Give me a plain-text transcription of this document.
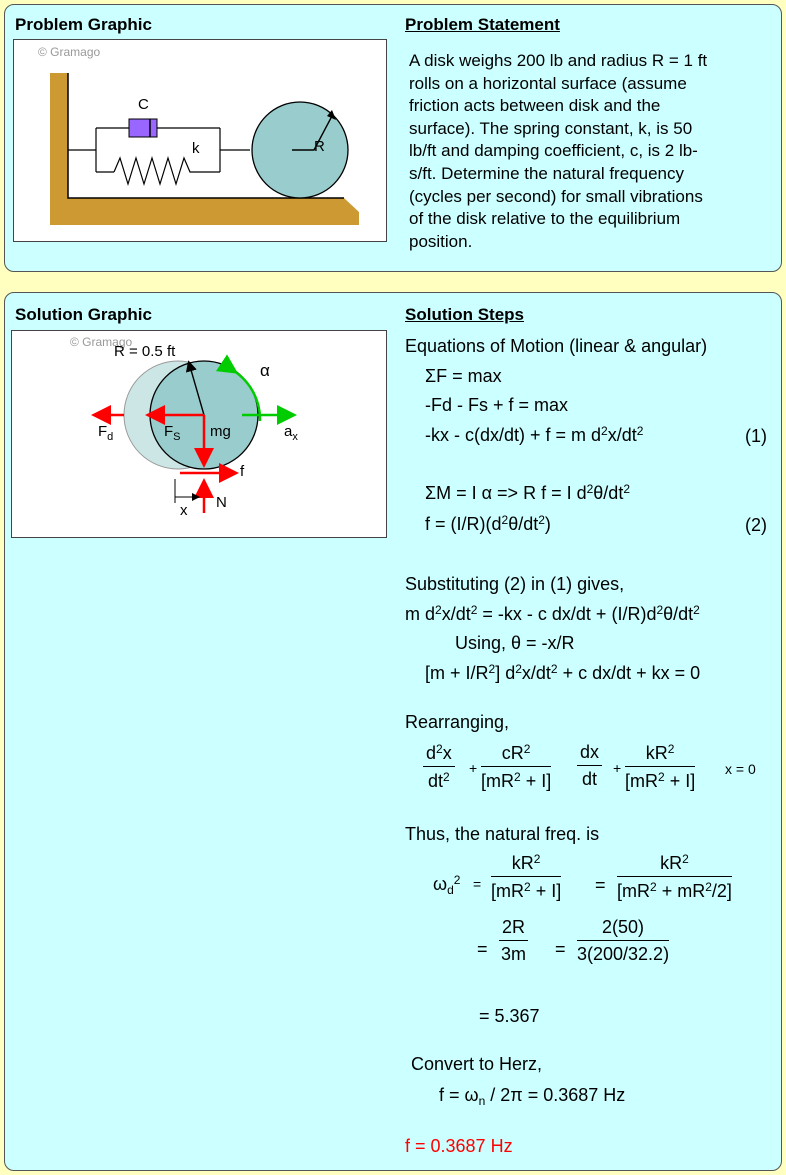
Problem Graphic	Problem Statement
© Gramago
C
k	R
A disk weighs 200 lb and radius R = 1 ft
rolls on a horizontal surface (assume
friction acts between disk and the
surface). The spring constant, k, is 50
lb/ft and damping coefficient, c, is 2 lb-
s/ft. Determine the natural frequency
(cycles per second) for small vibrations
of the disk relative to the equilibrium
position.
Solution Graphic	Solution Steps
© Gramago
R = 0.5 ft
α
$F_d$	$F_S$ mg	$a_x$
f
N
x
Equations of Motion (linear & angular)
ΣF = max
-Fd - Fs + f = max
-kx - c(dx/dt) + f = m $d^2x/dt^2$	(1)
ΣM = I α => R f = I $d^2\theta/dt^2$
$f = (I/R)(d^2\theta/dt^2)$	(2)
Substituting (2) in (1) gives,
m $d^2x/dt^2 = -kx - c$ $dx/dt + (I/R)d^2\theta/dt^2$
Using, θ = -x/R
$[m + I/R^2]$ $d^2x/dt^2 + c$ dx/dt + kx = 0
Rearranging,
$\frac{d^2x}{dt^2} + \frac{cR^2}{[mR^2 + I]} \frac{dx}{dt} + \frac{kR^2}{[mR^2 + I]}$ x = 0
Thus, the natural freq. is
$\omega_d^2 = \frac{kR^2}{[mR^2 + I]} = \frac{kR^2}{[mR^2 + mR^2/2]}$
= $\frac{2R}{3m} = \frac{2(50)}{3(200/32.2)}$
= 5.367
Convert to Herz,
$f = \omega_n / 2\pi = 0.3687$ Hz
f = 0.3687 Hz
